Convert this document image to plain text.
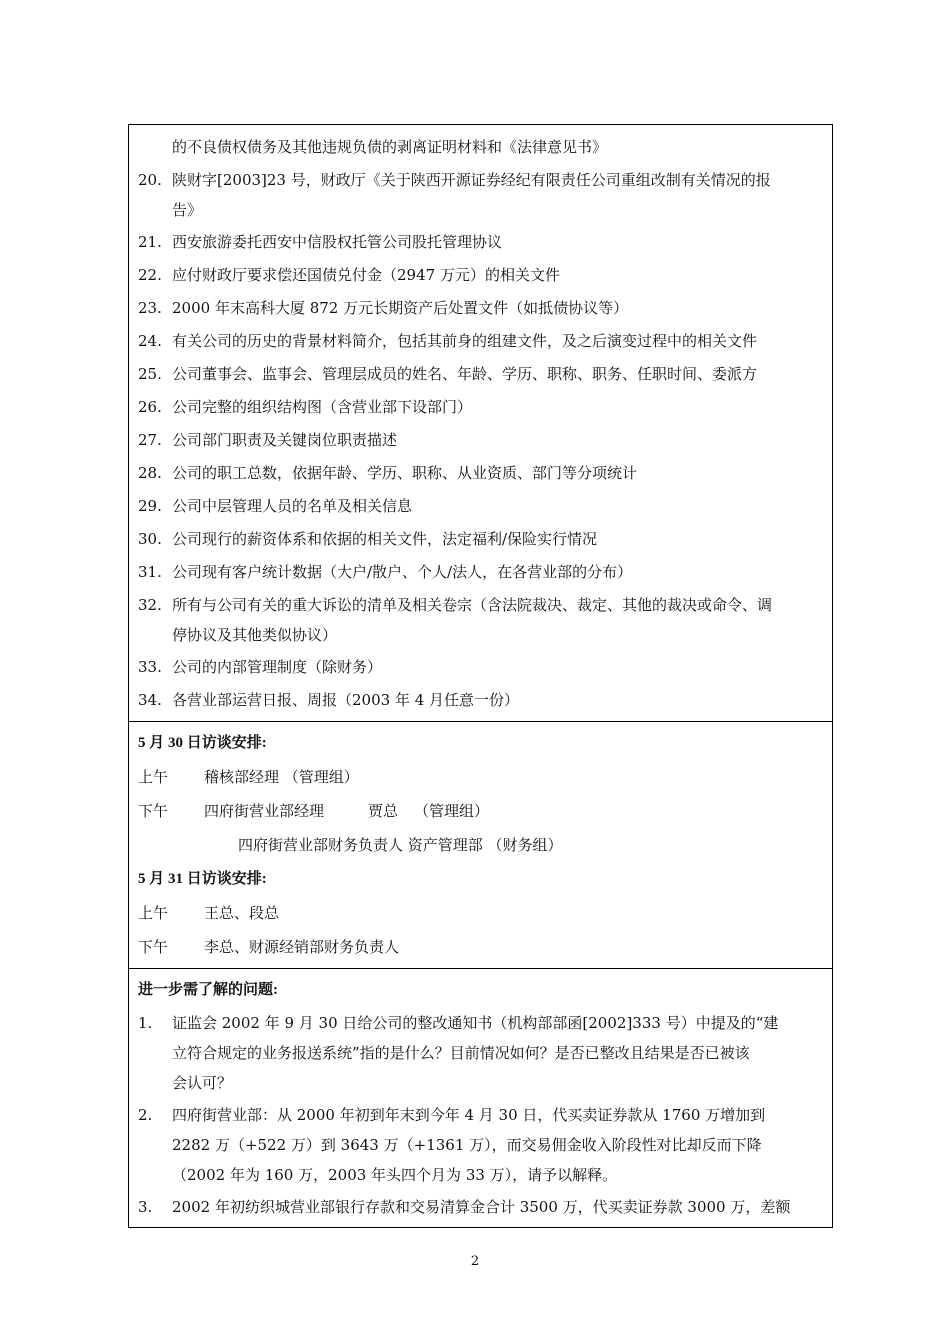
的不良债权债务及其他违规负债的剥离证明材料和《法律意见书》
20. 陕财字[2003]23 号，财政厅《关于陕西开源证券经纪有限责任公司重组改制有关情况的报
告》
21. 西安旅游委托西安中信股权托管公司股托管理协议
22. 应付财政厅要求偿还国债兑付金（2947 万元）的相关文件
23. 2000 年末高科大厦 872 万元长期资产后处置文件（如抵债协议等）
24. 有关公司的历史的背景材料简介，包括其前身的组建文件，及之后演变过程中的相关文件
25. 公司董事会、监事会、管理层成员的姓名、年龄、学历、职称、职务、任职时间、委派方
26. 公司完整的组织结构图（含营业部下设部门）
27. 公司部门职责及关键岗位职责描述
28. 公司的职工总数，依据年龄、学历、职称、从业资质、部门等分项统计
29. 公司中层管理人员的名单及相关信息
30. 公司现行的薪资体系和依据的相关文件，法定福利/保险实行情况
31. 公司现有客户统计数据（大户/散户、个人/法人，在各营业部的分布）
32. 所有与公司有关的重大诉讼的清单及相关卷宗（含法院裁决、裁定、其他的裁决或命令、调
停协议及其他类似协议）
33. 公司的内部管理制度（除财务）
34. 各营业部运营日报、周报（2003 年 4 月任意一份）
5 月 30 日访谈安排:
上午	稽核部经理 （管理组）
下午	四府街营业部经理	贾总 （管理组）
四府街营业部财务负责人 资产管理部 （财务组）
5 月 31 日访谈安排:
上午	王总、段总
下午	李总、财源经销部财务负责人
进一步需了解的问题:
1.	证监会 2002 年 9 月 30 日给公司的整改通知书（机构部部函[2002]333 号）中提及的“建
立符合规定的业务报送系统”指的是什么？目前情况如何？是否已整改且结果是否已被该
会认可？
2.	四府街营业部：从 2000 年初到年末到今年 4 月 30 日，代买卖证券款从 1760 万增加到
2282 万（+522 万）到 3643 万（+1361 万），而交易佣金收入阶段性对比却反而下降
（2002 年为 160 万，2003 年头四个月为 33 万），请予以解释。
3.	2002 年初纺织城营业部银行存款和交易清算金合计 3500 万，代买卖证券款 3000 万，差额
2
